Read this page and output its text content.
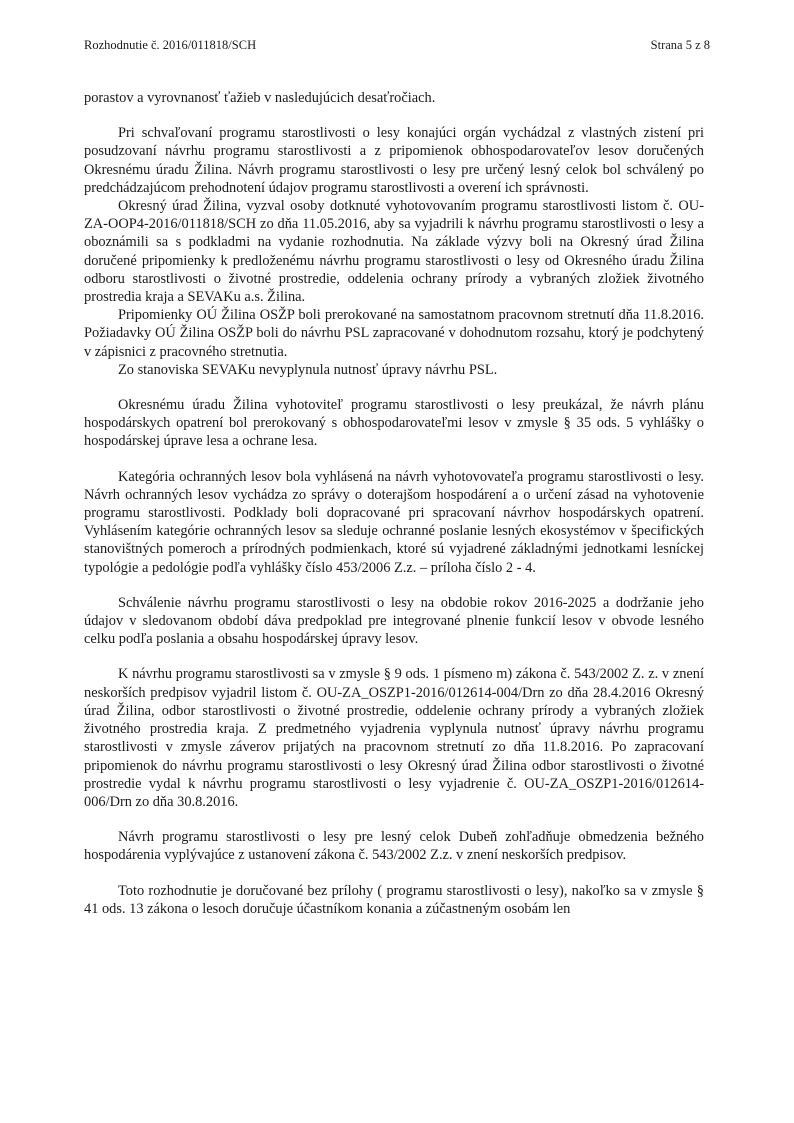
Rozhodnutie č. 2016/011818/SCH	Strana 5 z 8

porastov a vyrovnanosť ťažieb v nasledujúcich desaťročiach.

Pri schvaľovaní programu starostlivosti o lesy konajúci orgán vychádzal z vlastných zistení pri posudzovaní návrhu programu starostlivosti a z pripomienok obhospodarovateľov lesov doručených Okresnému úradu Žilina. Návrh programu starostlivosti o lesy pre určený lesný celok bol schválený po predchádzajúcom prehodnotení údajov programu starostlivosti a overení ich správnosti.

Okresný úrad Žilina, vyzval osoby dotknuté vyhotovovaním programu starostlivosti listom č. OU-ZA-OOP4-2016/011818/SCH zo dňa 11.05.2016, aby sa vyjadrili k návrhu programu starostlivosti o lesy a oboznámili sa s podkladmi na vydanie rozhodnutia. Na základe výzvy boli na Okresný úrad Žilina doručené pripomienky k predloženému návrhu programu starostlivosti o lesy od Okresného úradu Žilina odboru starostlivosti o životné prostredie, oddelenia ochrany prírody a vybraných zložiek životného prostredia kraja a SEVAKu a.s. Žilina.

Pripomienky OÚ Žilina OSŽP boli prerokované na samostatnom pracovnom stretnutí dňa 11.8.2016. Požiadavky OÚ Žilina OSŽP boli do návrhu PSL zapracované v dohodnutom rozsahu, ktorý je podchytený v zápisnici z pracovného stretnutia.

Zo stanoviska SEVAKu nevyplynula nutnosť úpravy návrhu PSL.

Okresnému úradu Žilina vyhotoviteľ programu starostlivosti o lesy preukázal, že návrh plánu hospodárskych opatrení bol prerokovaný s obhospodarovateľmi lesov v zmysle § 35 ods. 5 vyhlášky o hospodárskej úprave lesa a ochrane lesa.

Kategória ochranných lesov bola vyhlásená na návrh vyhotovovateľa programu starostlivosti o lesy. Návrh ochranných lesov vychádza zo správy o doterajšom hospodárení a o určení zásad na vyhotovenie programu starostlivosti. Podklady boli dopracované pri spracovaní návrhov hospodárskych opatrení. Vyhlásením kategórie ochranných lesov sa sleduje ochranné poslanie lesných ekosystémov v špecifických stanovištných pomeroch a prírodných podmienkach, ktoré sú vyjadrené základnými jednotkami lesníckej typológie a pedológie podľa vyhlášky číslo 453/2006 Z.z. – príloha číslo 2 - 4.

Schválenie návrhu programu starostlivosti o lesy na obdobie rokov 2016-2025 a dodržanie jeho údajov v sledovanom období dáva predpoklad pre integrované plnenie funkcií lesov v obvode lesného celku podľa poslania a obsahu hospodárskej úpravy lesov.

K návrhu programu starostlivosti sa v zmysle § 9 ods. 1 písmeno m) zákona č. 543/2002 Z. z. v znení neskorších predpisov vyjadril listom č. OU-ZA_OSZP1-2016/012614-004/Drn zo dňa 28.4.2016 Okresný úrad Žilina, odbor starostlivosti o životné prostredie, oddelenie ochrany prírody a vybraných zložiek životného prostredia kraja. Z predmetného vyjadrenia vyplynula nutnosť úpravy návrhu programu starostlivosti v zmysle záverov prijatých na pracovnom stretnutí zo dňa 11.8.2016. Po zapracovaní pripomienok do návrhu programu starostlivosti o lesy Okresný úrad Žilina odbor starostlivosti o životné prostredie vydal k návrhu programu starostlivosti o lesy vyjadrenie č. OU-ZA_OSZP1-2016/012614-006/Drn zo dňa 30.8.2016.

Návrh programu starostlivosti o lesy pre lesný celok Dubeň zohľadňuje obmedzenia bežného hospodárenia vyplývajúce z ustanovení zákona č. 543/2002 Z.z. v znení neskorších predpisov.

Toto rozhodnutie je doručované bez prílohy ( programu starostlivosti o lesy), nakoľko sa v zmysle § 41 ods. 13 zákona o lesoch doručuje účastníkom konania a zúčastneným osobám len
